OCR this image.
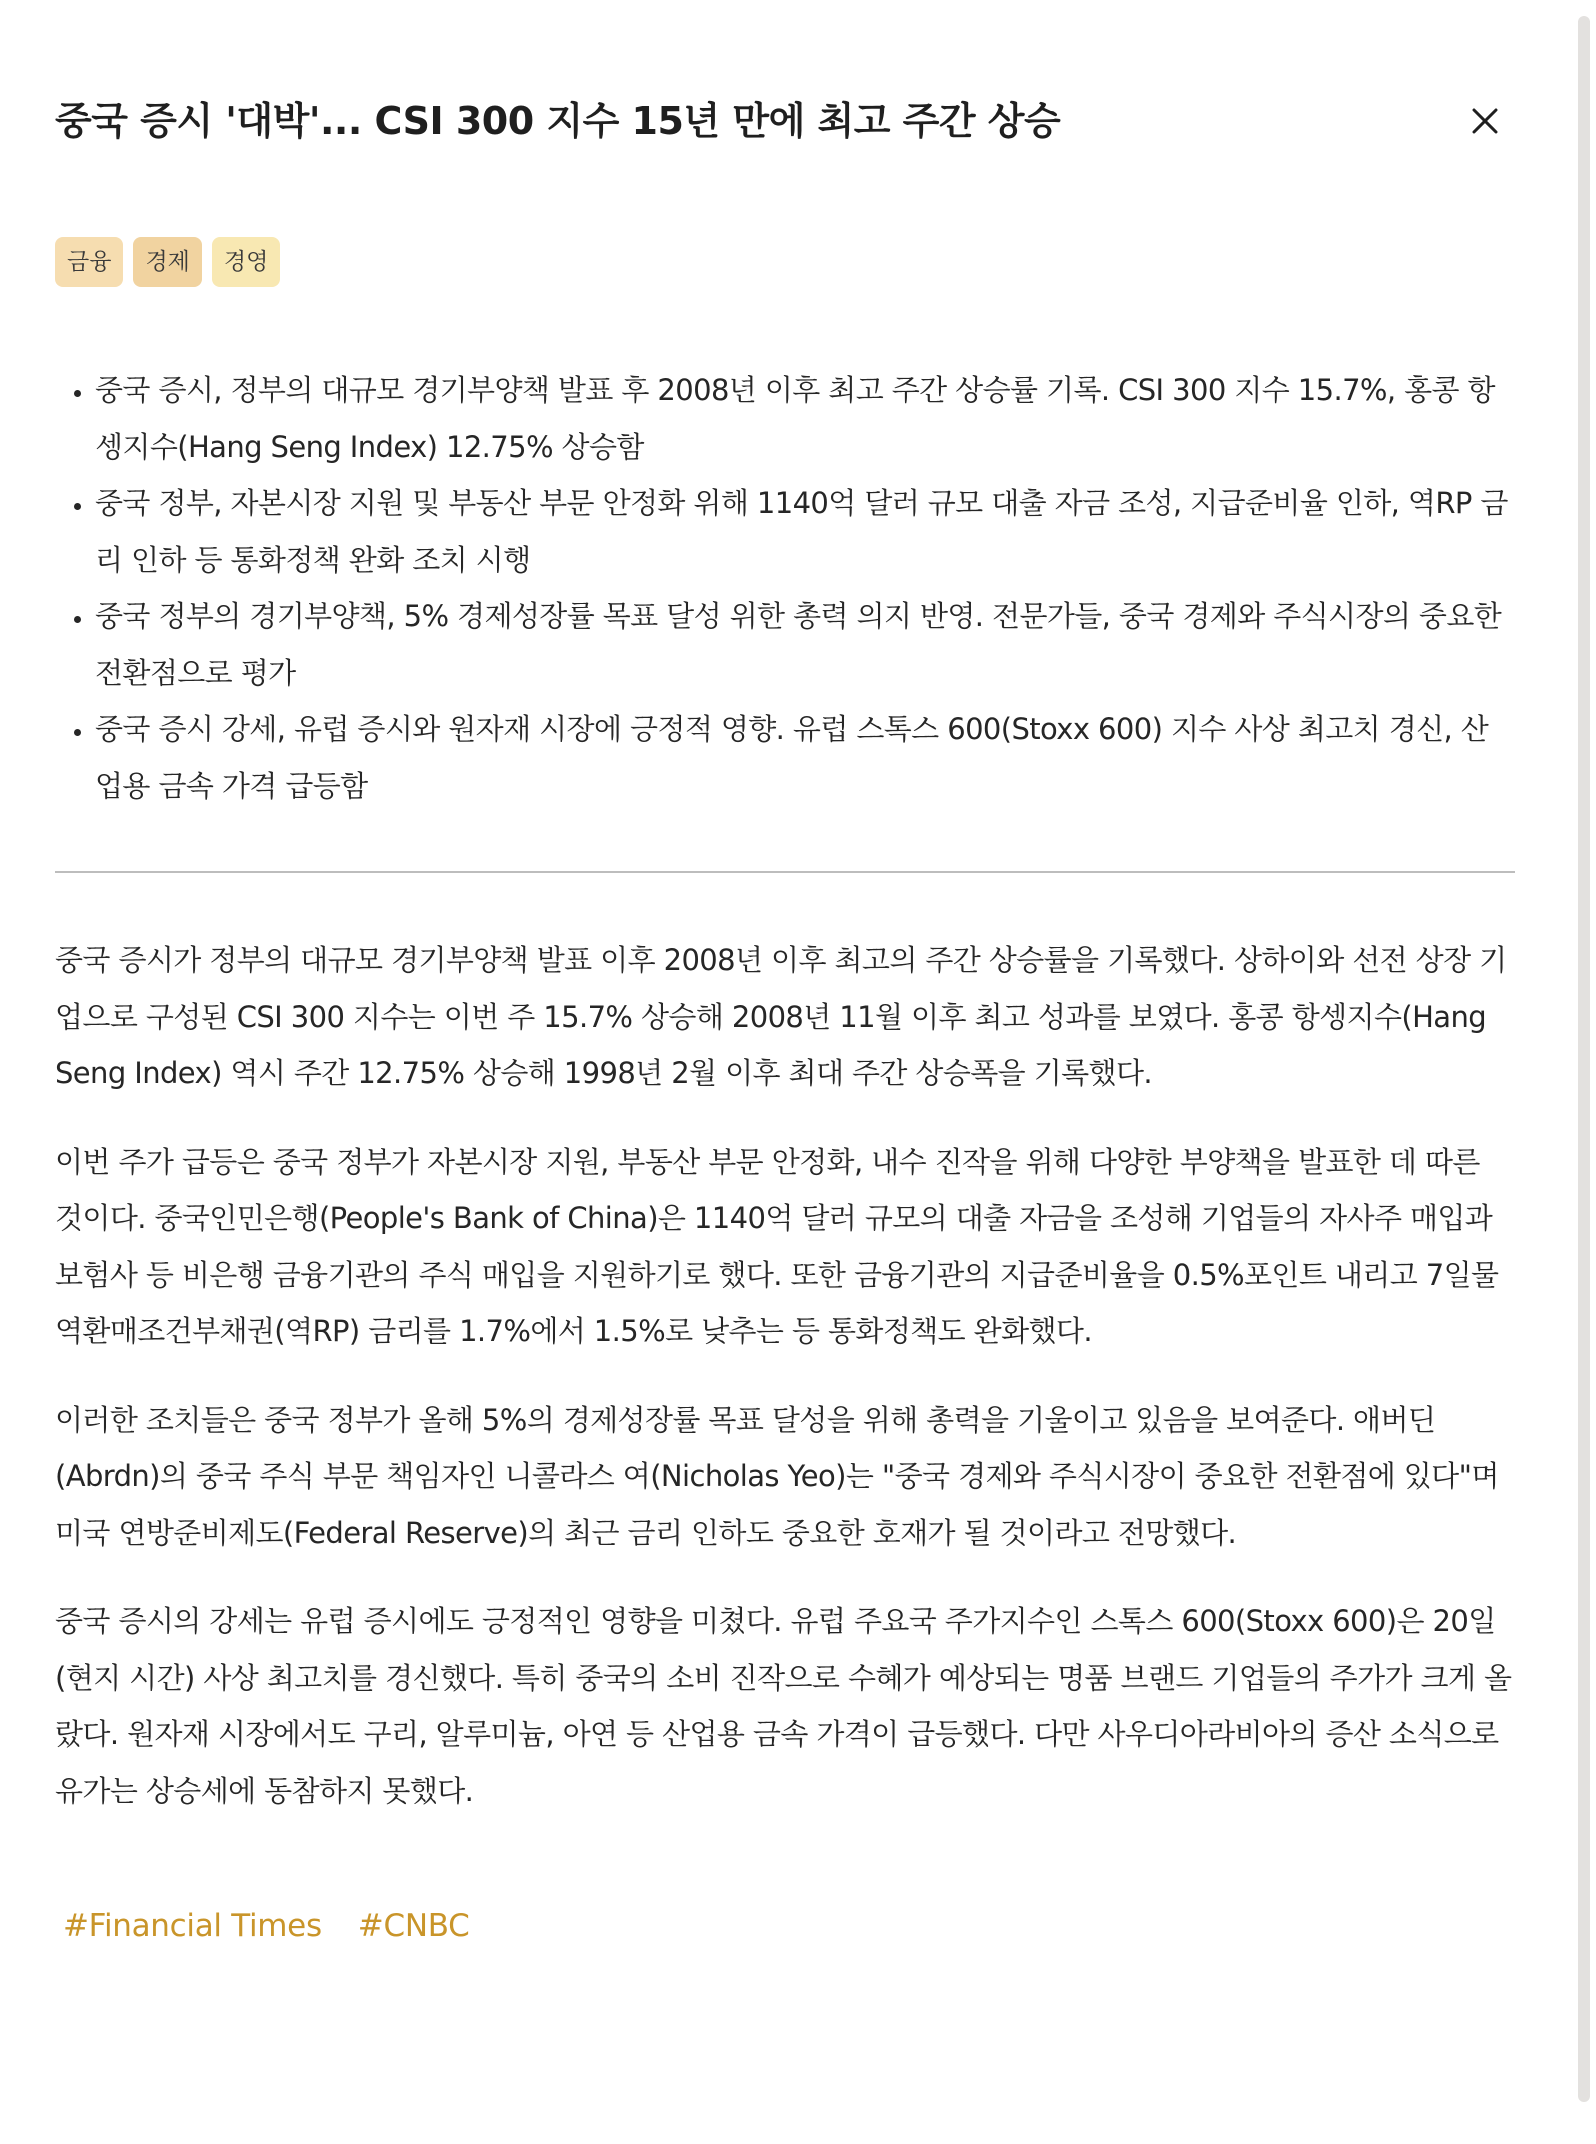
중국 증시 '대박'... CSI 300 지수 15년 만에 최고 주간 상승
금융	경제	경영
• 중국 증시, 정부의 대규모 경기부양책 발표 후 2008년 이후 최고 주간 상승률 기록. CSI 300 지수 15.7%, 홍콩 항셍지수(Hang Seng Index) 12.75% 상승함
• 중국 정부, 자본시장 지원 및 부동산 부문 안정화 위해 1140억 달러 규모 대출 자금 조성, 지급준비율 인하, 역RP 금리 인하 등 통화정책 완화 조치 시행
• 중국 정부의 경기부양책, 5% 경제성장률 목표 달성 위한 총력 의지 반영. 전문가들, 중국 경제와 주식시장의 중요한 전환점으로 평가
• 중국 증시 강세, 유럽 증시와 원자재 시장에 긍정적 영향. 유럽 스톡스 600(Stoxx 600) 지수 사상 최고치 경신, 산업용 금속 가격 급등함

중국 증시가 정부의 대규모 경기부양책 발표 이후 2008년 이후 최고의 주간 상승률을 기록했다. 상하이와 선전 상장 기업으로 구성된 CSI 300 지수는 이번 주 15.7% 상승해 2008년 11월 이후 최고 성과를 보였다. 홍콩 항셍지수(Hang Seng Index) 역시 주간 12.75% 상승해 1998년 2월 이후 최대 주간 상승폭을 기록했다.

이번 주가 급등은 중국 정부가 자본시장 지원, 부동산 부문 안정화, 내수 진작을 위해 다양한 부양책을 발표한 데 따른 것이다. 중국인민은행(People's Bank of China)은 1140억 달러 규모의 대출 자금을 조성해 기업들의 자사주 매입과 보험사 등 비은행 금융기관의 주식 매입을 지원하기로 했다. 또한 금융기관의 지급준비율을 0.5%포인트 내리고 7일물 역환매조건부채권(역RP) 금리를 1.7%에서 1.5%로 낮추는 등 통화정책도 완화했다.

이러한 조치들은 중국 정부가 올해 5%의 경제성장률 목표 달성을 위해 총력을 기울이고 있음을 보여준다. 애버딘(Abrdn)의 중국 주식 부문 책임자인 니콜라스 여(Nicholas Yeo)는 "중국 경제와 주식시장이 중요한 전환점에 있다"며 미국 연방준비제도(Federal Reserve)의 최근 금리 인하도 중요한 호재가 될 것이라고 전망했다.

중국 증시의 강세는 유럽 증시에도 긍정적인 영향을 미쳤다. 유럽 주요국 주가지수인 스톡스 600(Stoxx 600)은 20일(현지 시간) 사상 최고치를 경신했다. 특히 중국의 소비 진작으로 수혜가 예상되는 명품 브랜드 기업들의 주가가 크게 올랐다. 원자재 시장에서도 구리, 알루미늄, 아연 등 산업용 금속 가격이 급등했다. 다만 사우디아라비아의 증산 소식으로 유가는 상승세에 동참하지 못했다.

#Financial Times #CNBC
